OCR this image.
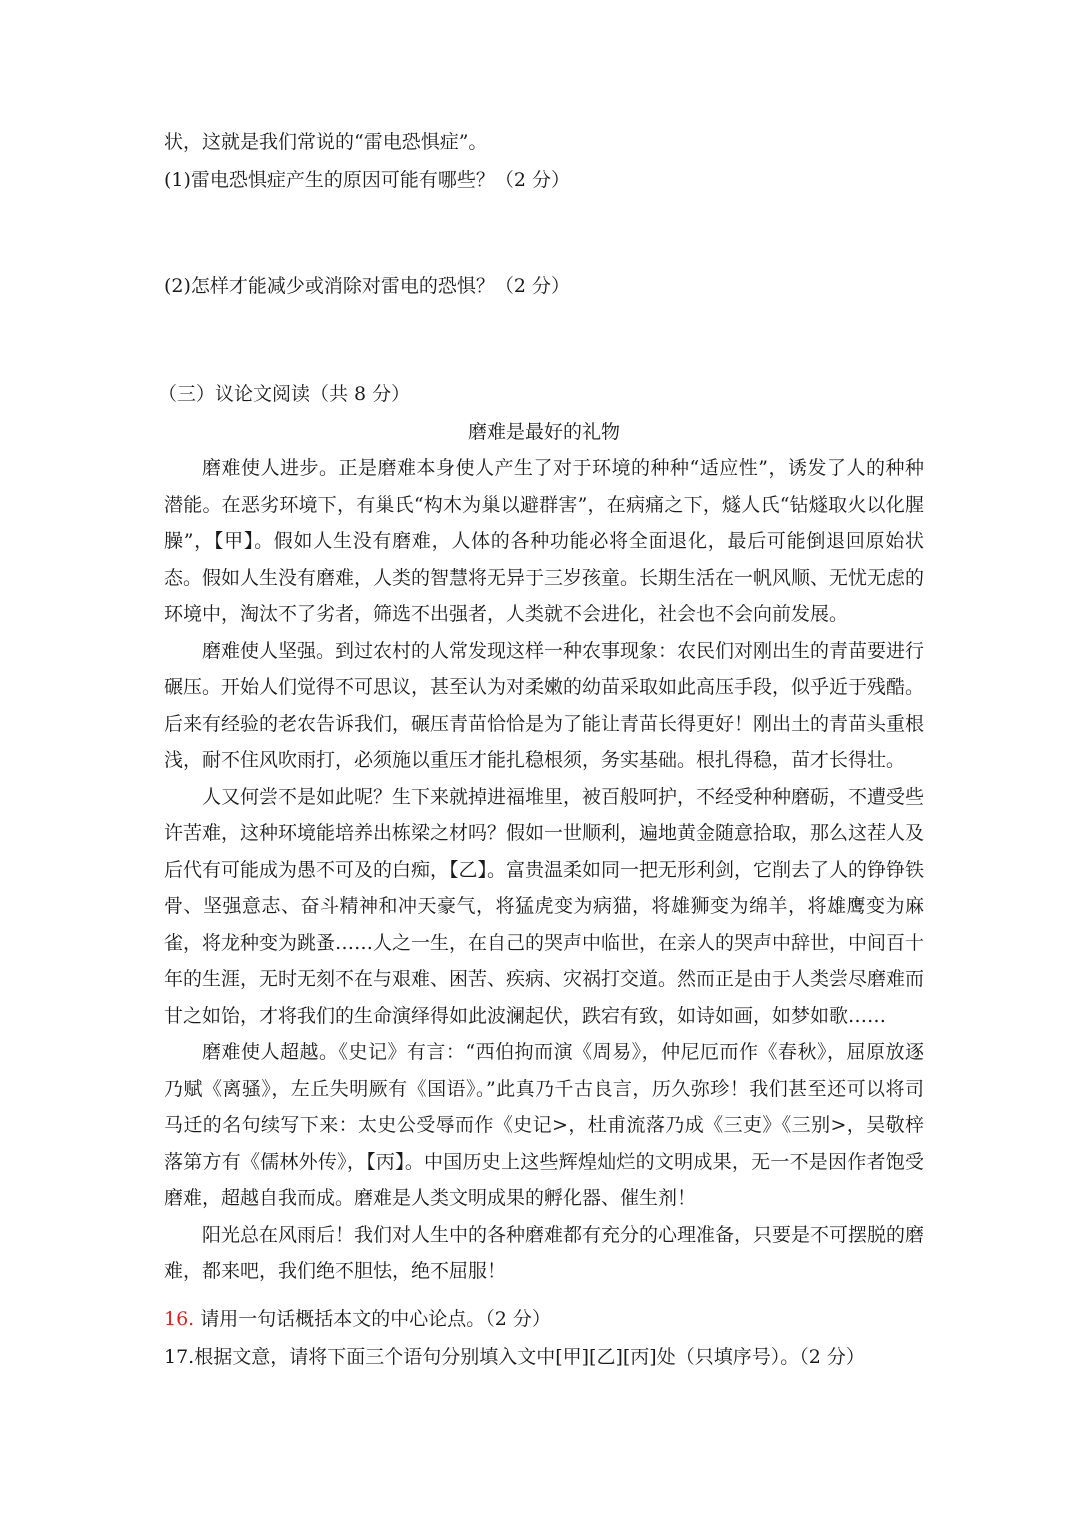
状，这就是我们常说的“雷电恐惧症”。
(1)雷电恐惧症产生的原因可能有哪些？（2 分）
(2)怎样才能减少或消除对雷电的恐惧？（2 分）
（三）议论文阅读（共 8 分）
磨难是最好的礼物

磨难使人进步。正是磨难本身使人产生了对于环境的种种“适应性”，诱发了人的种种潜能。在恶劣环境下，有巢氏“构木为巢以避群害”，在病痛之下，燧人氏“钻燧取火以化腥臊”，【甲】。假如人生没有磨难，人体的各种功能必将全面退化，最后可能倒退回原始状态。假如人生没有磨难，人类的智慧将无异于三岁孩童。长期生活在一帆风顺、无忧无虑的环境中，淘汰不了劣者，筛选不出强者，人类就不会进化，社会也不会向前发展。

磨难使人坚强。到过农村的人常发现这样一种农事现象：农民们对刚出生的青苗要进行碾压。开始人们觉得不可思议，甚至认为对柔嫩的幼苗采取如此高压手段，似乎近于残酷。后来有经验的老农告诉我们，碾压青苗恰恰是为了能让青苗长得更好！刚出土的青苗头重根浅，耐不住风吹雨打，必须施以重压才能扎稳根须，务实基础。根扎得稳，苗才长得壮。

人又何尝不是如此呢？生下来就掉进福堆里，被百般呵护，不经受种种磨砺，不遭受些许苦难，这种环境能培养出栋梁之材吗？假如一世顺利，遍地黄金随意拾取，那么这茬人及后代有可能成为愚不可及的白痴，【乙】。富贵温柔如同一把无形利剑，它削去了人的铮铮铁骨、坚强意志、奋斗精神和冲天豪气，将猛虎变为病猫，将雄狮变为绵羊，将雄鹰变为麻雀，将龙种变为跳蚤……人之一生，在自己的哭声中临世，在亲人的哭声中辞世，中间百十年的生涯，无时无刻不在与艰难、困苦、疾病、灾祸打交道。然而正是由于人类尝尽磨难而甘之如饴，才将我们的生命演绎得如此波澜起伏，跌宕有致，如诗如画，如梦如歌……

磨难使人超越。《史记》有言：“西伯拘而演《周易》，仲尼厄而作《春秋》，屈原放逐乃赋《离骚》，左丘失明厥有《国语》。”此真乃千古良言，历久弥珍！我们甚至还可以将司马迁的名句续写下来：太史公受辱而作《史记>，杜甫流落乃成《三吏》《三别>，吴敬梓落第方有《儒林外传》，【丙】。中国历史上这些辉煌灿烂的文明成果，无一不是因作者饱受磨难，超越自我而成。磨难是人类文明成果的孵化器、催生剂！

阳光总在风雨后！我们对人生中的各种磨难都有充分的心理准备，只要是不可摆脱的磨难，都来吧，我们绝不胆怯，绝不屈服！

16. 请用一句话概括本文的中心论点。（2 分）
17.根据文意，请将下面三个语句分别填入文中[甲][乙][丙]处（只填序号）。（2 分）
